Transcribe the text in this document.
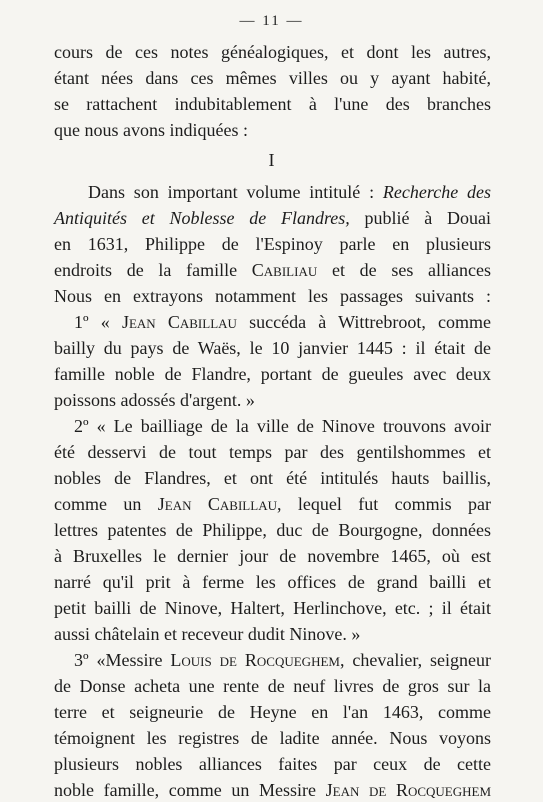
— 11 —
cours de ces notes généalogiques, et dont les autres,
étant nées dans ces mêmes villes ou y ayant habité,
se rattachent indubitablement à l'une des branches
que nous avons indiquées :
I
Dans son important volume intitulé : Recherche des
Antiquités et Noblesse de Flandres, publié à Douai
en 1631, Philippe de l'Espinoy parle en plusieurs
endroits de la famille Cabiliau et de ses alliances
Nous en extrayons notamment les passages suivants :
1º « Jean Cabillau succéda à Wittrebroot, comme
bailly du pays de Waës, le 10 janvier 1445 : il était de
famille noble de Flandre, portant de gueules avec deux
poissons adossés d'argent. »
2º « Le bailliage de la ville de Ninove trouvons avoir
été desservi de tout temps par des gentilshommes et
nobles de Flandres, et ont été intitulés hauts baillis,
comme un Jean Cabillau, lequel fut commis par
lettres patentes de Philippe, duc de Bourgogne, données
à Bruxelles le dernier jour de novembre 1465, où est
narré qu'il prit à ferme les offices de grand bailli et
petit bailli de Ninove, Haltert, Herlinchove, etc. ; il était
aussi châtelain et receveur dudit Ninove. »
3º «Messire Louis de Rocqueghem, chevalier, seigneur
de Donse acheta une rente de neuf livres de gros sur la
terre et seigneurie de Heyne en l'an 1463, comme
témoignent les registres de ladite année. Nous voyons
plusieurs nobles alliances faites par ceux de cette
noble famille, comme un Messire Jean de Rocqueghem
